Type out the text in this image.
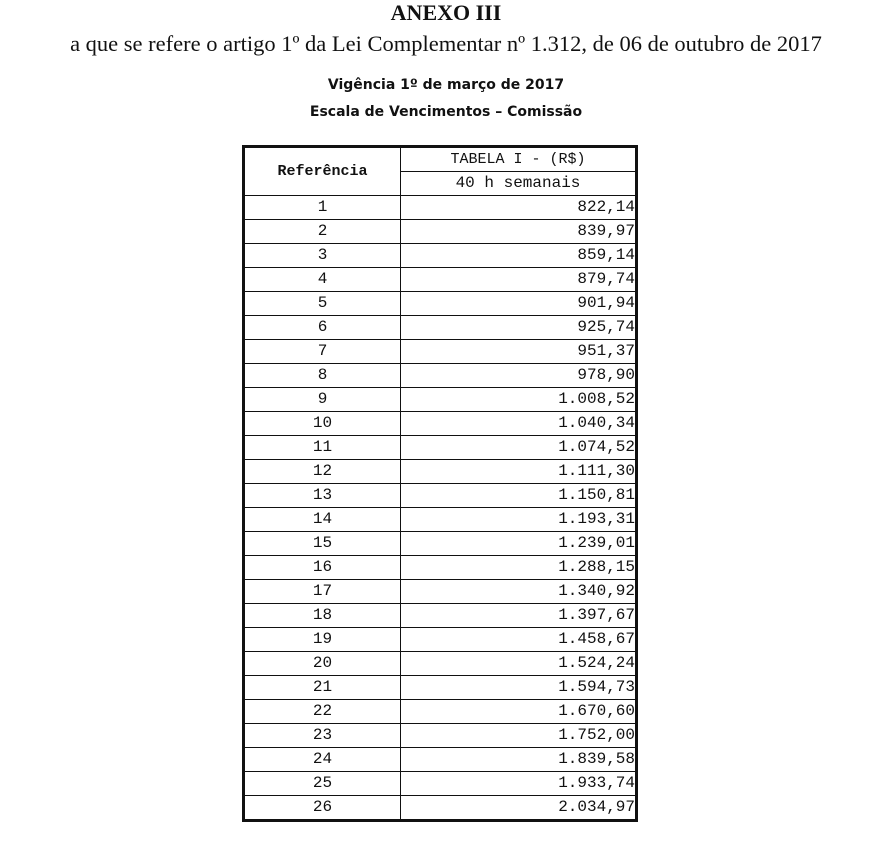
ANEXO III
a que se refere o artigo 1º da Lei Complementar nº 1.312, de 06 de outubro de 2017
Vigência 1º de março de 2017
Escala de Vencimentos – Comissão
Referência	TABELA I - (R$)
	40 h semanais
1	822,14
2	839,97
3	859,14
4	879,74
5	901,94
6	925,74
7	951,37
8	978,90
9	1.008,52
10	1.040,34
11	1.074,52
12	1.111,30
13	1.150,81
14	1.193,31
15	1.239,01
16	1.288,15
17	1.340,92
18	1.397,67
19	1.458,67
20	1.524,24
21	1.594,73
22	1.670,60
23	1.752,00
24	1.839,58
25	1.933,74
26	2.034,97
